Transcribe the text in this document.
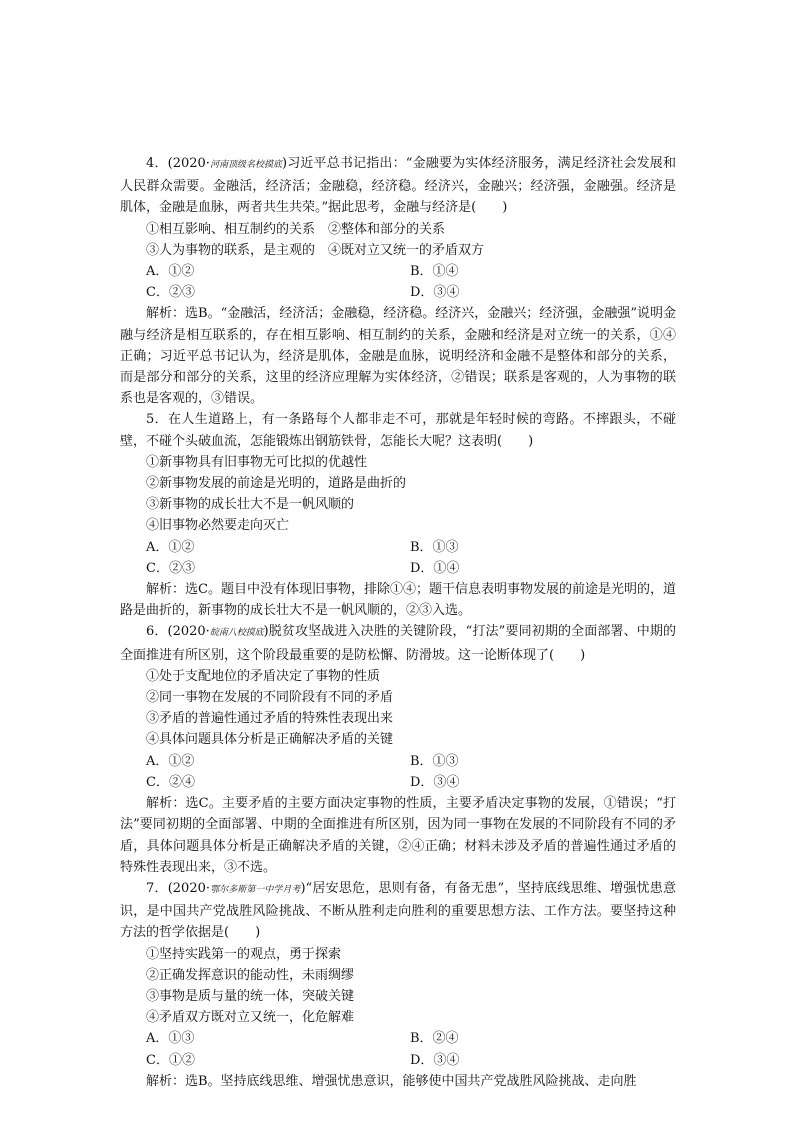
4．(2020·河南顶级名校摸底)习近平总书记指出：“金融要为实体经济服务，满足经济社会发展和人民群众需要。金融活，经济活；金融稳，经济稳。经济兴，金融兴；经济强，金融强。经济是肌体，金融是血脉，两者共生共荣。”据此思考，金融与经济是(　　)

①相互影响、相互制约的关系　②整体和部分的关系

③人为事物的联系，是主观的　④既对立又统一的矛盾双方

A．①②	B．①④
C．②③	D．③④

解析：选B。“金融活，经济活；金融稳，经济稳。经济兴，金融兴；经济强，金融强”说明金融与经济是相互联系的，存在相互影响、相互制约的关系，金融和经济是对立统一的关系，①④正确；习近平总书记认为，经济是肌体，金融是血脉，说明经济和金融不是整体和部分的关系，而是部分和部分的关系，这里的经济应理解为实体经济，②错误；联系是客观的，人为事物的联系也是客观的，③错误。

5．在人生道路上，有一条路每个人都非走不可，那就是年轻时候的弯路。不摔跟头，不碰壁，不碰个头破血流，怎能锻炼出钢筋铁骨，怎能长大呢？这表明(　　)

①新事物具有旧事物无可比拟的优越性

②新事物发展的前途是光明的，道路是曲折的

③新事物的成长壮大不是一帆风顺的

④旧事物必然要走向灭亡

A．①②	B．①③
C．②③	D．①④

解析：选C。题目中没有体现旧事物，排除①④；题干信息表明事物发展的前途是光明的，道路是曲折的，新事物的成长壮大不是一帆风顺的，②③入选。

6．(2020·皖南八校摸底)脱贫攻坚战进入决胜的关键阶段，“打法”要同初期的全面部署、中期的全面推进有所区别，这个阶段最重要的是防松懈、防滑坡。这一论断体现了(　　)

①处于支配地位的矛盾决定了事物的性质

②同一事物在发展的不同阶段有不同的矛盾

③矛盾的普遍性通过矛盾的特殊性表现出来

④具体问题具体分析是正确解决矛盾的关键

A．①②	B．①③
C．②④	D．③④

解析：选C。主要矛盾的主要方面决定事物的性质，主要矛盾决定事物的发展，①错误；“打法”要同初期的全面部署、中期的全面推进有所区别，因为同一事物在发展的不同阶段有不同的矛盾，具体问题具体分析是正确解决矛盾的关键，②④正确；材料未涉及矛盾的普遍性通过矛盾的特殊性表现出来，③不选。

7．(2020·鄂尔多斯第一中学月考)“居安思危，思则有备，有备无患”，坚持底线思维、增强忧患意识，是中国共产党战胜风险挑战、不断从胜利走向胜利的重要思想方法、工作方法。要坚持这种方法的哲学依据是(　　)

①坚持实践第一的观点，勇于探索

②正确发挥意识的能动性，未雨绸缪

③事物是质与量的统一体，突破关键

④矛盾双方既对立又统一，化危解难

A．①③	B．②④
C．①②	D．③④

解析：选B。坚持底线思维、增强忧患意识，能够使中国共产党战胜风险挑战、走向胜
